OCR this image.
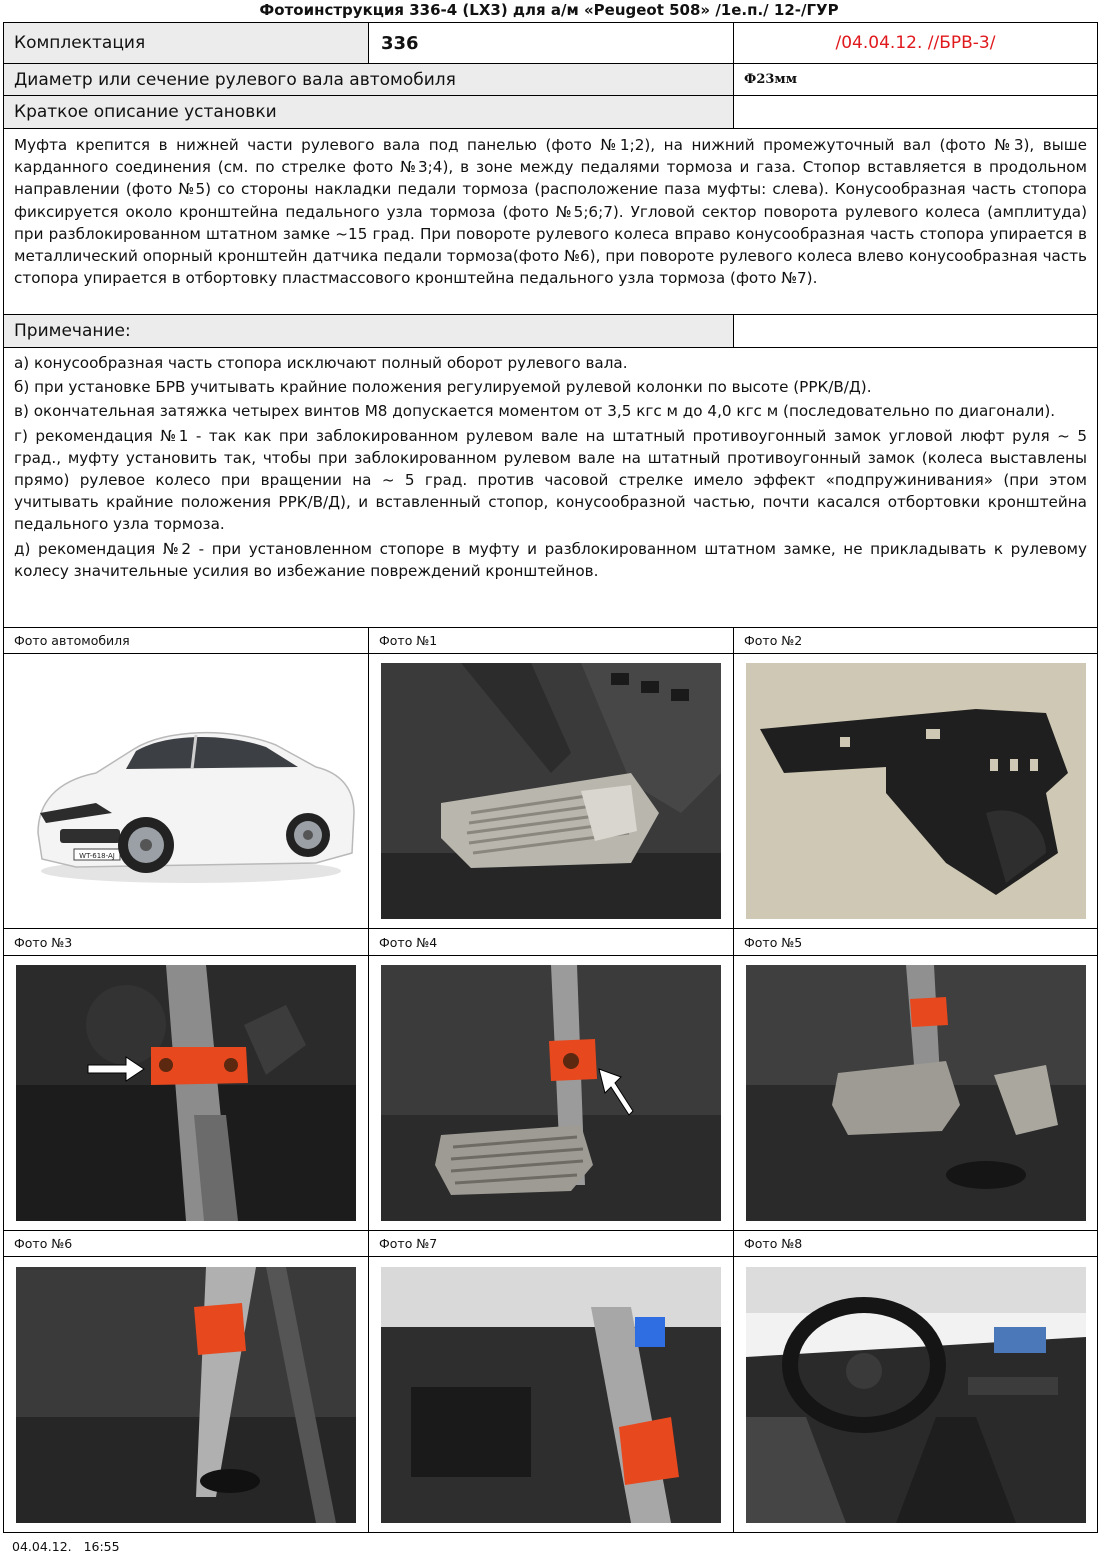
Фотоинструкция 336-4 (LX3) для а/м «Peugeot 508» /1е.п./ 12-/ГУР
Комплектация	336	/04.04.12. //БРВ-3/
Диаметр или сечение рулевого вала автомобиля		Ф23мм
Краткое описание установки		
Муфта крепится в нижней части рулевого вала под панелью (фото №1;2), на нижний промежуточный вал (фото №3), выше карданного соединения (см. по стрелке фото №3;4), в зоне между педалями тормоза и газа. Стопор вставляется в продольном направлении (фото №5) со стороны накладки педали тормоза (расположение паза муфты: слева). Конусообразная часть стопора фиксируется около кронштейна педального узла тормоза (фото №5;6;7). Угловой сектор поворота рулевого колеса (амплитуда) при разблокированном штатном замке ~15 град. При повороте рулевого колеса вправо конусообразная часть стопора упирается в металлический опорный кронштейн датчика педали тормоза(фото №6), при повороте рулевого колеса влево конусообразная часть стопора упирается в отбортовку пластмассового кронштейна педального узла тормоза (фото №7).		
Примечание:		

а) конусообразная часть стопора исключают полный оборот рулевого вала.
б) при установке БРВ учитывать крайние положения регулируемой рулевой колонки по высоте (РРК/В/Д).
в) окончательная затяжка четырех винтов М8 допускается моментом от 3,5 кгс м до 4,0 кгс м (последовательно по диагонали).
г) рекомендация №1 - так как при заблокированном рулевом вале на штатный противоугонный замок угловой люфт руля ~ 5 град., муфту установить так, чтобы при заблокированном рулевом вале на штатный противоугонный замок (колеса выставлены прямо) рулевое колесо при вращении на ~ 5 град. против часовой стрелке имело эффект «подпружинивания» (при этом учитывать крайние положения РРК/В/Д), и вставленный стопор, конусообразной частью, почти касался отбортовки кронштейна педального узла тормоза.
д) рекомендация №2 - при установленном стопоре в муфту и разблокированном штатном замке, не прикладывать к рулевому колесу значительные усилия во избежание повреждений кронштейнов.		

Фото автомобиля	Фото №1	Фото №2

WT-618-AJ

Фото №3	Фото №4	Фото №5

Фото №6	Фото №7	Фото №8

04.04.12. 16:55
